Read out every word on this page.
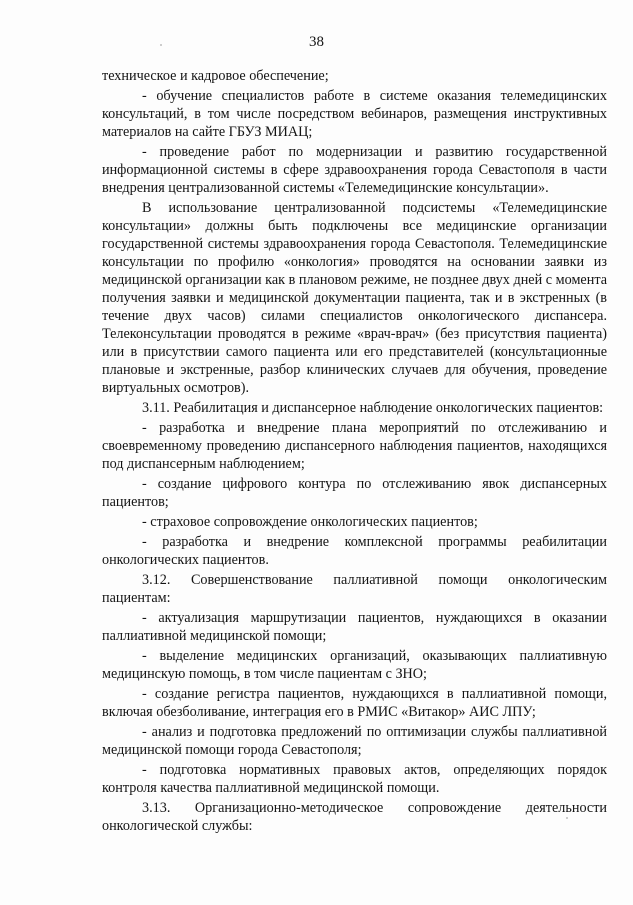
38

техническое и кадровое обеспечение;

- обучение специалистов работе в системе оказания телемедицинских консультаций, в том числе посредством вебинаров, размещения инструктивных материалов на сайте ГБУЗ МИАЦ;

- проведение работ по модернизации и развитию государственной информационной системы в сфере здравоохранения города Севастополя в части внедрения централизованной системы «Телемедицинские консультации».

В использование централизованной подсистемы «Телемедицинские консультации» должны быть подключены все медицинские организации государственной системы здравоохранения города Севастополя. Телемедицинские консультации по профилю «онкология» проводятся на основании заявки из медицинской организации как в плановом режиме, не позднее двух дней с момента получения заявки и медицинской документации пациента, так и в экстренных (в течение двух часов) силами специалистов онкологического диспансера. Телеконсультации проводятся в режиме «врач-врач» (без присутствия пациента) или в присутствии самого пациента или его представителей (консультационные плановые и экстренные, разбор клинических случаев для обучения, проведение виртуальных осмотров).

3.11. Реабилитация и диспансерное наблюдение онкологических пациентов:

- разработка и внедрение плана мероприятий по отслеживанию и своевременному проведению диспансерного наблюдения пациентов, находящихся под диспансерным наблюдением;

- создание цифрового контура по отслеживанию явок диспансерных пациентов;

- страховое сопровождение онкологических пациентов;

- разработка и внедрение комплексной программы реабилитации онкологических пациентов.

3.12. Совершенствование паллиативной помощи онкологическим пациентам:

- актуализация маршрутизации пациентов, нуждающихся в оказании паллиативной медицинской помощи;

- выделение медицинских организаций, оказывающих паллиативную медицинскую помощь, в том числе пациентам с ЗНО;

- создание регистра пациентов, нуждающихся в паллиативной помощи, включая обезболивание, интеграция его в РМИС «Витакор» АИС ЛПУ;

- анализ и подготовка предложений по оптимизации службы паллиативной медицинской помощи города Севастополя;

- подготовка нормативных правовых актов, определяющих порядок контроля качества паллиативной медицинской помощи.

3.13. Организационно-методическое сопровождение деятельности онкологической службы:
